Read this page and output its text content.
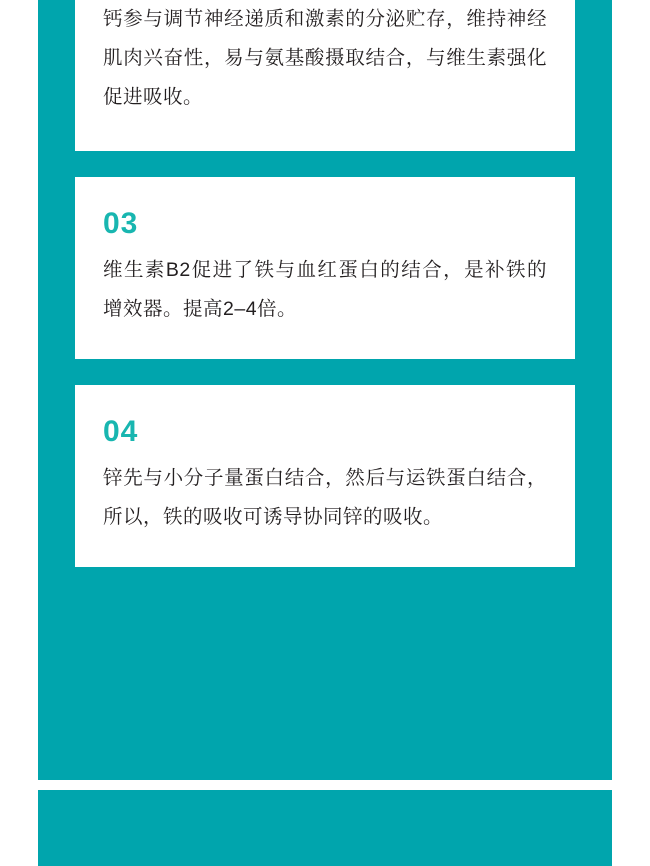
钙参与调节神经递质和激素的分泌贮存，维持神经肌肉兴奋性，易与氨基酸摄取结合，与维生素强化促进吸收。
03
维生素B2促进了铁与血红蛋白的结合，是补铁的增效器。提高2–4倍。
04
锌先与小分子量蛋白结合，然后与运铁蛋白结合，所以，铁的吸收可诱导协同锌的吸收。
